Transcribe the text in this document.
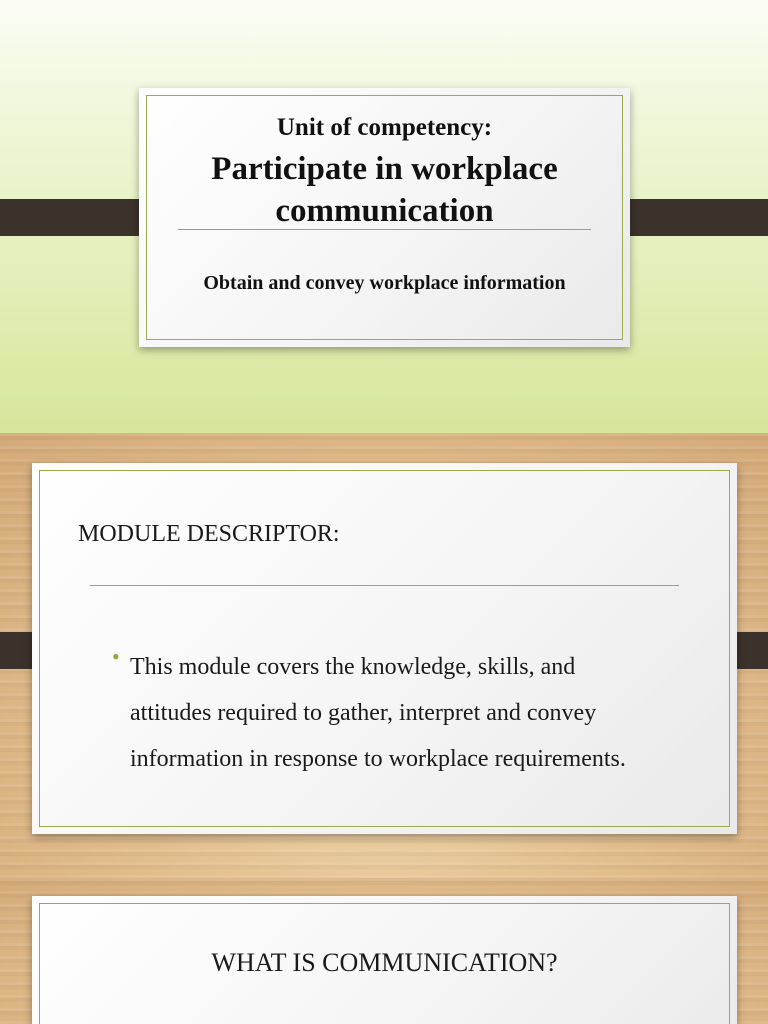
Unit of competency:
Participate in workplace communication
Obtain and convey workplace information
MODULE DESCRIPTOR:
• This module covers the knowledge, skills, and attitudes required to gather, interpret and convey information in response to workplace requirements.
WHAT IS COMMUNICATION?
